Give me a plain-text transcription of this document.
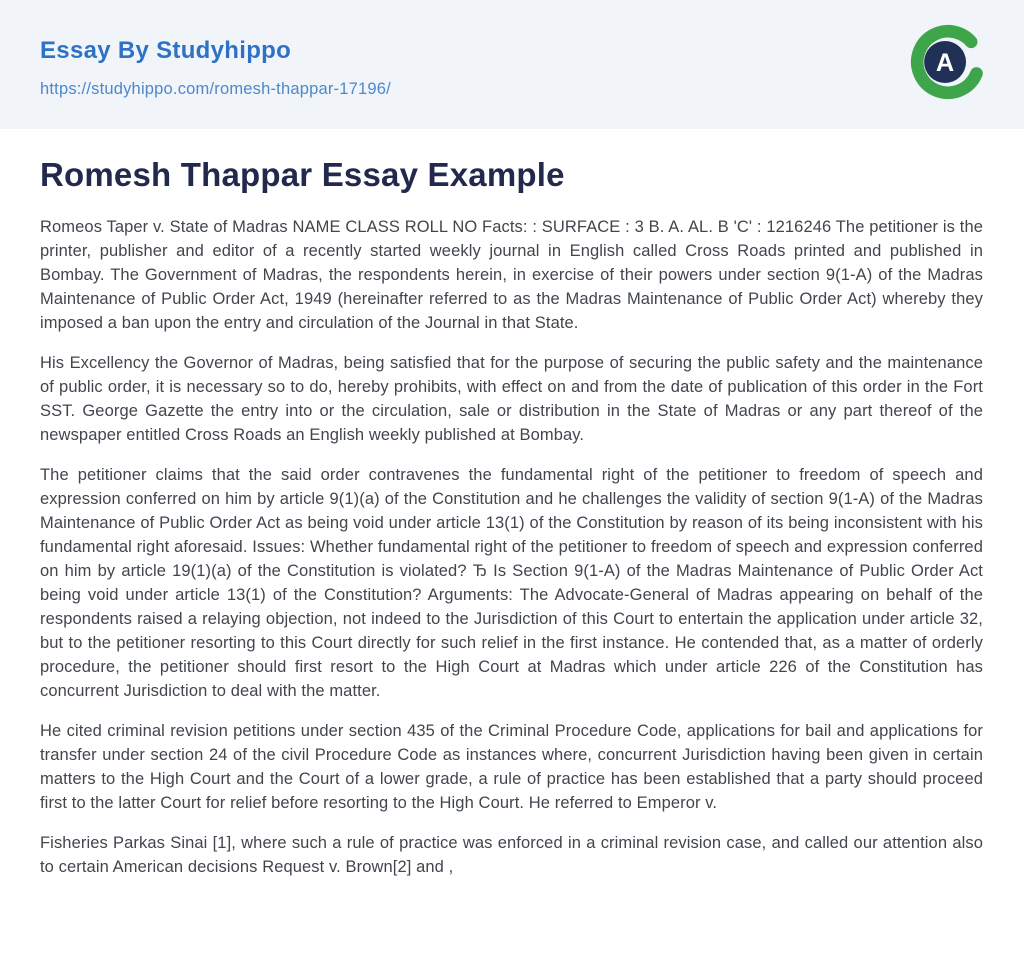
Essay By Studyhippo
https://studyhippo.com/romesh-thappar-17196/
A
Romesh Thappar Essay Example

Romeos Taper v. State of Madras NAME CLASS ROLL NO Facts: : SURFACE : 3 B. A. AL. B 'C' : 1216246 The petitioner is the printer, publisher and editor of a recently started weekly journal in English called Cross Roads printed and published in Bombay. The Government of Madras, the respondents herein, in exercise of their powers under section 9(1-A) of the Madras Maintenance of Public Order Act, 1949 (hereinafter referred to as the Madras Maintenance of Public Order Act) whereby they imposed a ban upon the entry and circulation of the Journal in that State.

His Excellency the Governor of Madras, being satisfied that for the purpose of securing the public safety and the maintenance of public order, it is necessary so to do, hereby prohibits, with effect on and from the date of publication of this order in the Fort SST. George Gazette the entry into or the circulation, sale or distribution in the State of Madras or any part thereof of the newspaper entitled Cross Roads an English weekly published at Bombay.

The petitioner claims that the said order contravenes the fundamental right of the petitioner to freedom of speech and expression conferred on him by article 9(1)(a) of the Constitution and he challenges the validity of section 9(1-A) of the Madras Maintenance of Public Order Act as being void under article 13(1) of the Constitution by reason of its being inconsistent with his fundamental right aforesaid. Issues: Whether fundamental right of the petitioner to freedom of speech and expression conferred on him by article 19(1)(a) of the Constitution is violated? Ђ Is Section 9(1-A) of the Madras Maintenance of Public Order Act being void under article 13(1) of the Constitution? Arguments: The Advocate-General of Madras appearing on behalf of the respondents raised a relaying objection, not indeed to the Jurisdiction of this Court to entertain the application under article 32, but to the petitioner resorting to this Court directly for such relief in the first instance. He contended that, as a matter of orderly procedure, the petitioner should first resort to the High Court at Madras which under article 226 of the Constitution has concurrent Jurisdiction to deal with the matter.

He cited criminal revision petitions under section 435 of the Criminal Procedure Code, applications for bail and applications for transfer under section 24 of the civil Procedure Code as instances where, concurrent Jurisdiction having been given in certain matters to the High Court and the Court of a lower grade, a rule of practice has been established that a party should proceed first to the latter Court for relief before resorting to the High Court. He referred to Emperor v.

Fisheries Parkas Sinai [1], where such a rule of practice was enforced in a criminal revision case, and called our attention also to certain American decisions Request v. Brown[2] and ,
